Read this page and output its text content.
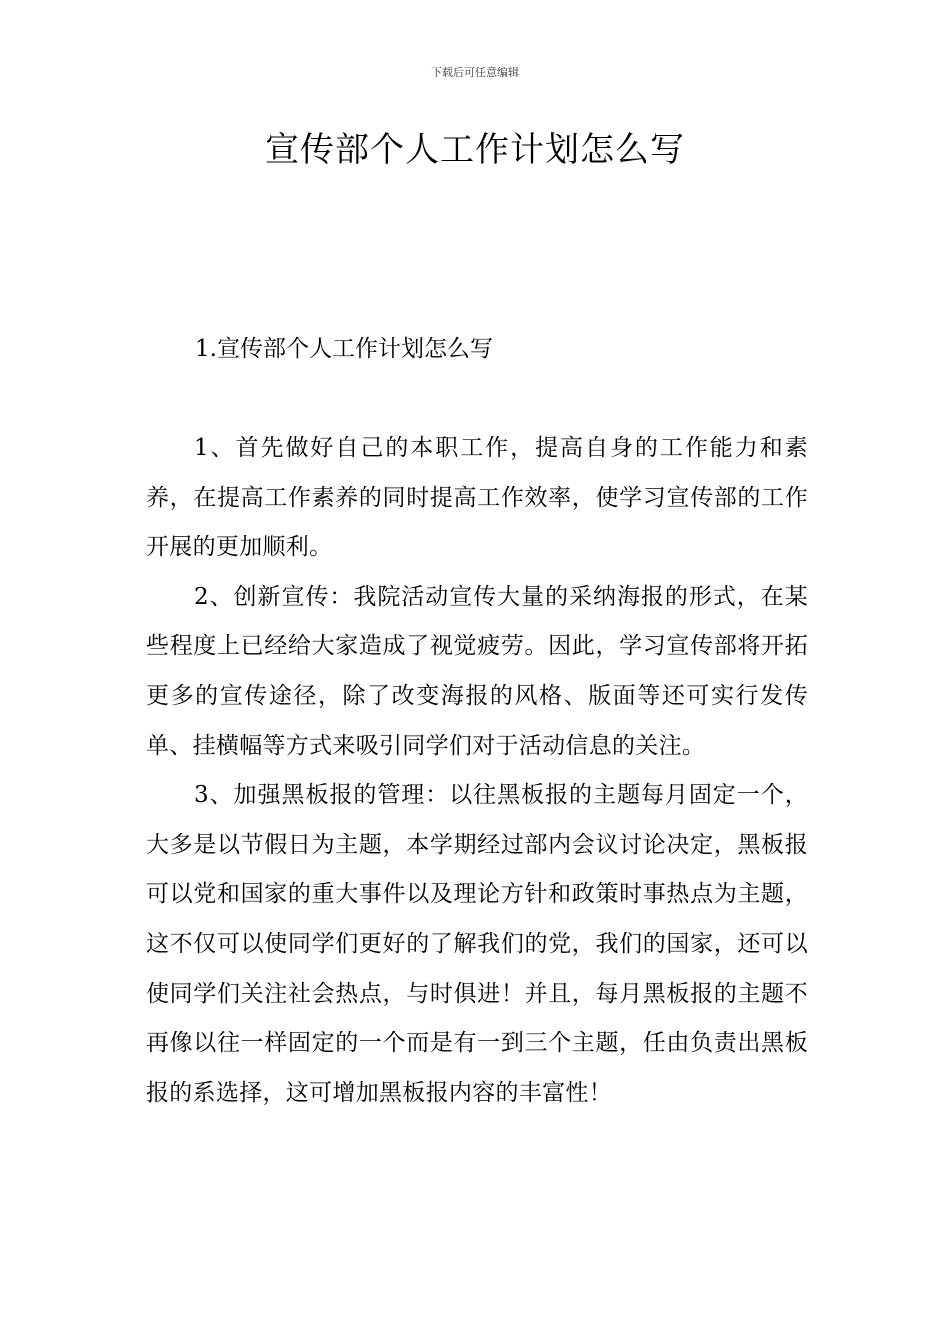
下载后可任意编辑
宣传部个人工作计划怎么写
1.宣传部个人工作计划怎么写

1、首先做好自己的本职工作，提高自身的工作能力和素养，在提高工作素养的同时提高工作效率，使学习宣传部的工作开展的更加顺利。

2、创新宣传：我院活动宣传大量的采纳海报的形式，在某些程度上已经给大家造成了视觉疲劳。因此，学习宣传部将开拓更多的宣传途径，除了改变海报的风格、版面等还可实行发传单、挂横幅等方式来吸引同学们对于活动信息的关注。

3、加强黑板报的管理：以往黑板报的主题每月固定一个，大多是以节假日为主题，本学期经过部内会议讨论决定，黑板报可以党和国家的重大事件以及理论方针和政策时事热点为主题，这不仅可以使同学们更好的了解我们的党，我们的国家，还可以使同学们关注社会热点，与时俱进！并且，每月黑板报的主题不再像以往一样固定的一个而是有一到三个主题，任由负责出黑板报的系选择，这可增加黑板报内容的丰富性！
